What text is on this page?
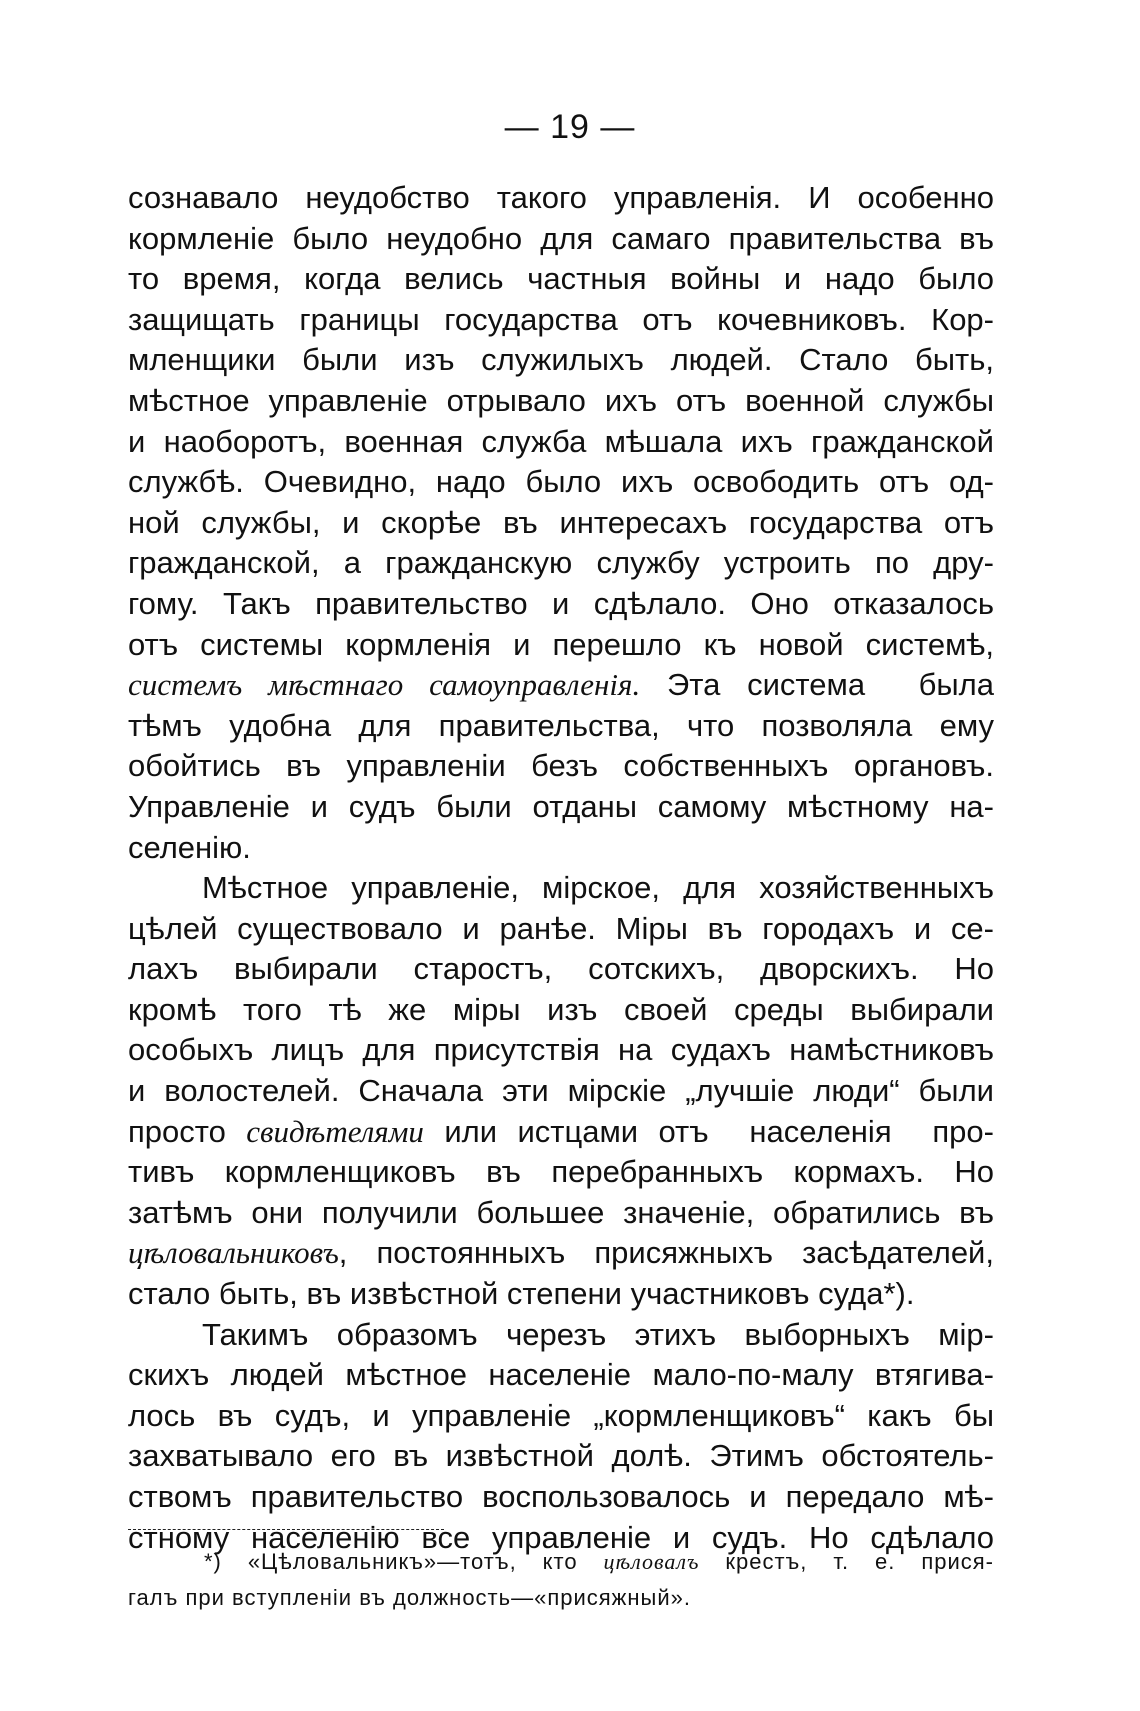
— 19 —
сознавало неудобство такого управленія. И особенно
кормленіе было неудобно для самаго правительства въ
то время, когда велись частныя войны и надо было
защищать границы государства отъ кочевниковъ. Кор-
мленщики были изъ служилыхъ людей. Стало быть,
мѣстное управленіе отрывало ихъ отъ военной службы
и наоборотъ, военная служба мѣшала ихъ гражданской
службѣ. Очевидно, надо было ихъ освободить отъ од-
ной службы, и скорѣе въ интересахъ государства отъ
гражданской, а гражданскую службу устроить по дру-
гому. Такъ правительство и сдѣлало. Оно отказалось
отъ системы кормленія и перешло къ новой системѣ,
системъ мѣстнаго самоуправленія. Эта система  была
тѣмъ удобна для правительства, что позволяла ему
обойтись въ управленіи безъ собственныхъ органовъ.
Управленіе и судъ были отданы самому мѣстному на-
селенію.
Мѣстное управленіе, мірское, для хозяйственныхъ
цѣлей существовало и ранѣе. Міры въ городахъ и се-
лахъ выбирали старостъ, сотскихъ, дворскихъ. Но
кромѣ того тѣ же міры изъ своей среды выбирали
особыхъ лицъ для присутствія на судахъ намѣстниковъ
и волостелей. Сначала эти мірскіе „лучшіе люди“ были
просто свидѣтелями или истцами отъ  населенія  про-
тивъ кормленщиковъ въ перебранныхъ кормахъ. Но
затѣмъ они получили большее значеніе, обратились въ
цѣловальниковъ, постоянныхъ присяжныхъ засѣдателей,
стало быть, въ извѣстной степени участниковъ суда*).
Такимъ образомъ черезъ этихъ выборныхъ мір-
скихъ людей мѣстное населеніе мало-по-малу втягива-
лось въ судъ, и управленіе „кормленщиковъ“ какъ бы
захватывало его въ извѣстной долѣ. Этимъ обстоятель-
ствомъ правительство воспользовалось и передало мѣ-
стному населенію все управленіе и судъ. Но сдѣлало
*) «Цѣловальникъ»—тотъ, кто цѣловалъ крестъ, т. е. прися-
галъ при вступленіи въ должность—«присяжный».
